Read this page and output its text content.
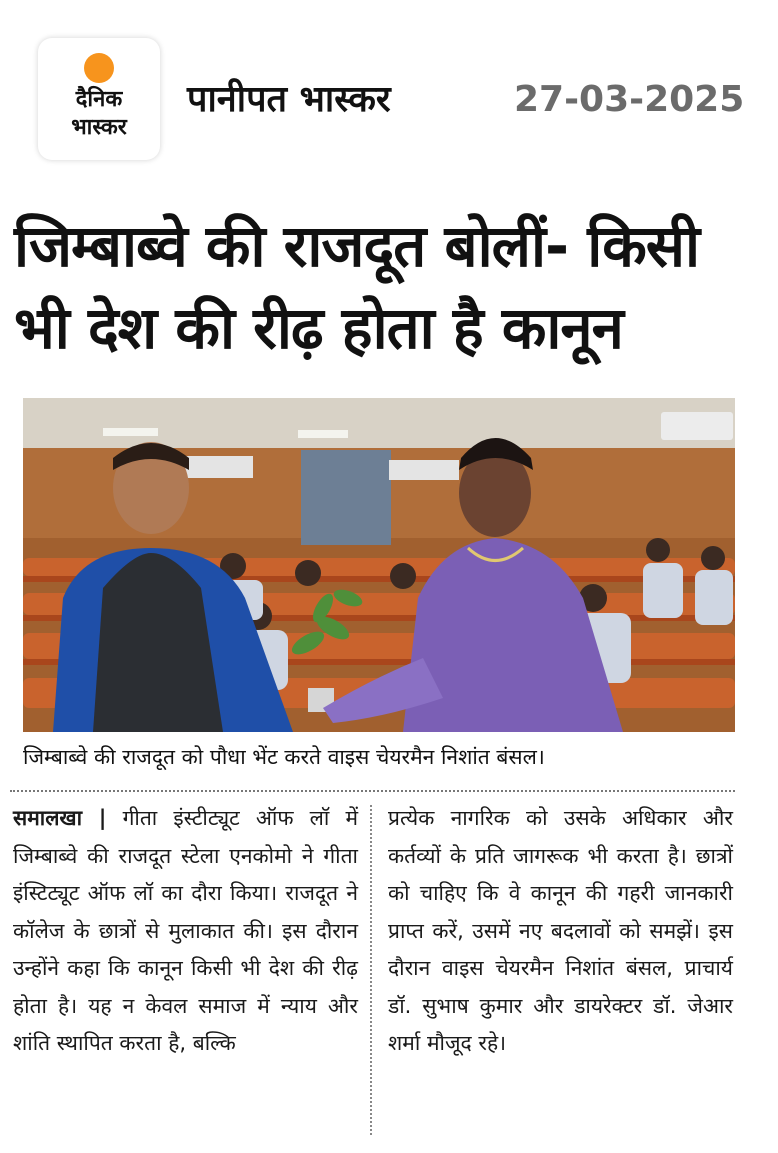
दैनिक
भास्कर
पानीपत भास्कर	27-03-2025
जिम्बाब्वे की राजदूत बोलीं- किसी
भी देश की रीढ़ होता है कानून
जिम्बाब्वे की राजदूत को पौधा भेंट करते वाइस चेयरमैन निशांत बंसल।
समालखा | गीता इंस्टीट्यूट ऑफ लॉ में जिम्बाब्वे की राजदूत स्टेला एनकोमो ने गीता इंस्टिट्यूट ऑफ लॉ का दौरा किया। राजदूत ने कॉलेज के छात्रों से मुलाकात की। इस दौरान उन्होंने कहा कि कानून किसी भी देश की रीढ़ होता है। यह न केवल समाज में न्याय और शांति स्थापित करता है, बल्कि
प्रत्येक नागरिक को उसके अधिकार और कर्तव्यों के प्रति जागरूक भी करता है। छात्रों को चाहिए कि वे कानून की गहरी जानकारी प्राप्त करें, उसमें नए बदलावों को समझें। इस दौरान वाइस चेयरमैन निशांत बंसल, प्राचार्य डॉ. सुभाष कुमार और डायरेक्टर डॉ. जेआर शर्मा मौजूद रहे।
